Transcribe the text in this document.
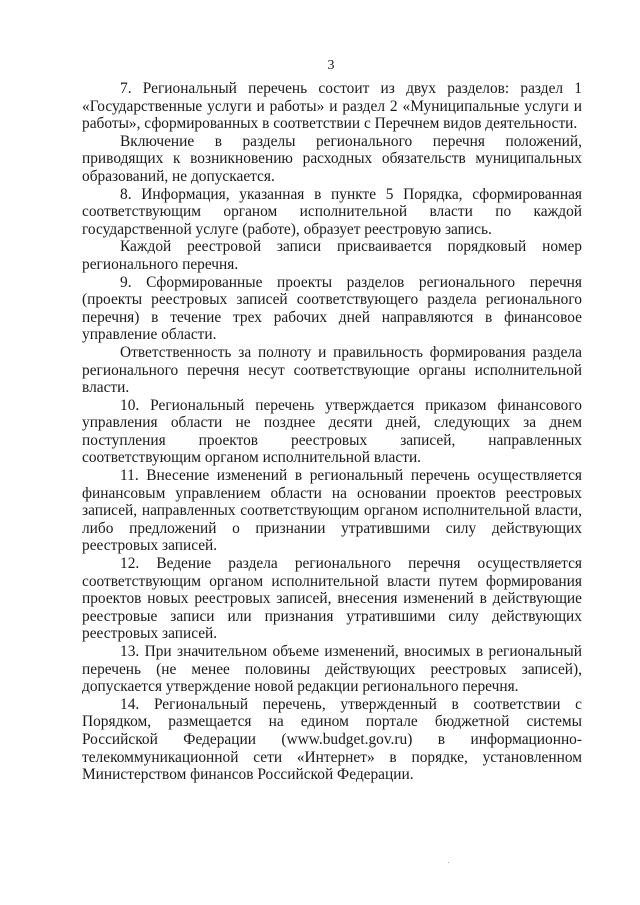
3

7. Региональный перечень состоит из двух разделов: раздел 1 «Государственные услуги и работы» и раздел 2 «Муниципальные услуги и работы», сформированных в соответствии с Перечнем видов деятельности.

Включение в разделы регионального перечня положений, приводящих к возникновению расходных обязательств муниципальных образований, не допускается.

8. Информация, указанная в пункте 5 Порядка, сформированная соответствующим органом исполнительной власти по каждой государственной услуге (работе), образует реестровую запись.

Каждой реестровой записи присваивается порядковый номер регионального перечня.

9. Сформированные проекты разделов регионального перечня (проекты реестровых записей соответствующего раздела регионального перечня) в течение трех рабочих дней направляются в финансовое управление области.

Ответственность за полноту и правильность формирования раздела регионального перечня несут соответствующие органы исполнительной власти.

10. Региональный перечень утверждается приказом финансового управления области не позднее десяти дней, следующих за днем поступления проектов реестровых записей, направленных соответствующим органом исполнительной власти.

11. Внесение изменений в региональный перечень осуществляется финансовым управлением области на основании проектов реестровых записей, направленных соответствующим органом исполнительной власти, либо предложений о признании утратившими силу действующих реестровых записей.

12. Ведение раздела регионального перечня осуществляется соответствующим органом исполнительной власти путем формирования проектов новых реестровых записей, внесения изменений в действующие реестровые записи или признания утратившими силу действующих реестровых записей.

13. При значительном объеме изменений, вносимых в региональный перечень (не менее половины действующих реестровых записей), допускается утверждение новой редакции регионального перечня.

14. Региональный перечень, утвержденный в соответствии с Порядком, размещается на едином портале бюджетной системы Российской Федерации (www.budget.gov.ru) в информационно-телекоммуникационной сети «Интернет» в порядке, установленном Министерством финансов Российской Федерации.
